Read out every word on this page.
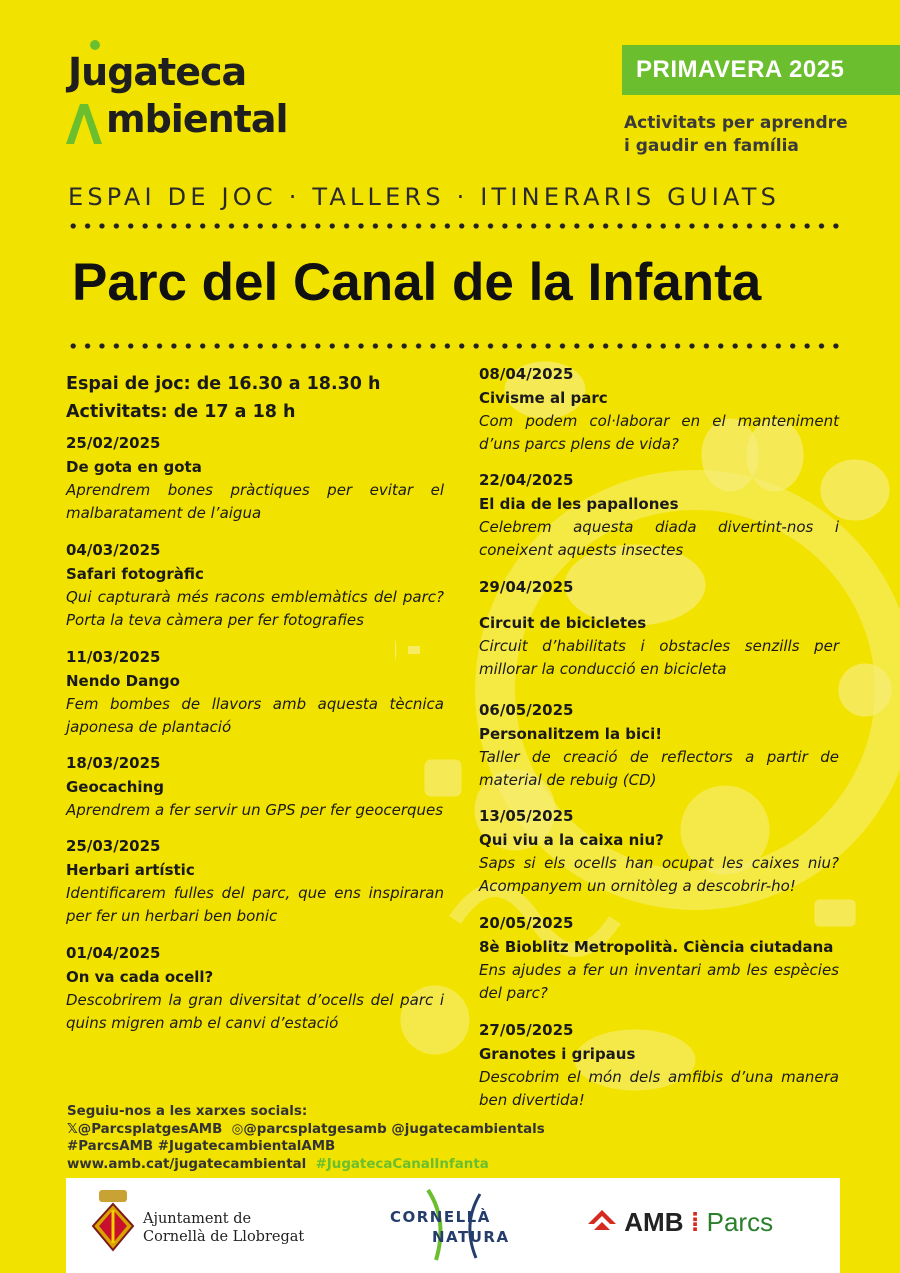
Jugateca
mbiental
PRIMAVERA 2025
Activitats per aprendre
i gaudir en família
ESPAI DE JOC · TALLERS · ITINERARIS GUIATS
Parc del Canal de la Infanta
Espai de joc: de 16.30 a 18.30 h
Activitats: de 17 a 18 h
25/02/2025
De gota en gota
Aprendrem bones pràctiques per evitar el malbaratament de l’aigua
04/03/2025
Safari fotogràfic
Qui capturarà més racons emblemàtics del parc? Porta la teva càmera per fer fotografies
11/03/2025
Nendo Dango
Fem bombes de llavors amb aquesta tècnica japonesa de plantació
18/03/2025
Geocaching
Aprendrem a fer servir un GPS per fer geocerques
25/03/2025
Herbari artístic
Identificarem fulles del parc, que ens inspiraran per fer un herbari ben bonic
01/04/2025
On va cada ocell?
Descobrirem la gran diversitat d’ocells del parc i quins migren amb el canvi d’estació
08/04/2025
Civisme al parc
Com podem col·laborar en el manteniment d’uns parcs plens de vida?
22/04/2025
El dia de les papallones
Celebrem aquesta diada divertint-nos i coneixent aquests insectes
29/04/2025
Circuit de bicicletes
Circuit d’habilitats i obstacles senzills per millorar la conducció en bicicleta
06/05/2025
Personalitzem la bici!
Taller de creació de reflectors a partir de material de rebuig (CD)
13/05/2025
Qui viu a la caixa niu?
Saps si els ocells han ocupat les caixes niu? Acompanyem un ornitòleg a descobrir-ho!
20/05/2025
8è Bioblitz Metropolità. Ciència ciutadana
Ens ajudes a fer un inventari amb les espècies del parc?
27/05/2025
Granotes i gripaus
Descobrim el món dels amfibis d’una manera ben divertida!
Seguiu-nos a les xarxes socials:
𝕏@ParcsplatgesAMB ◎@parcsplatgesamb @jugatecambientals
#ParcsAMB #JugatecambientalAMB
www.amb.cat/jugatecambiental #JugatecaCanalInfanta
Ajuntament de
Cornellà de Llobregat
CORNELLÀ
NATURA	AMB ⁞ Parcs
